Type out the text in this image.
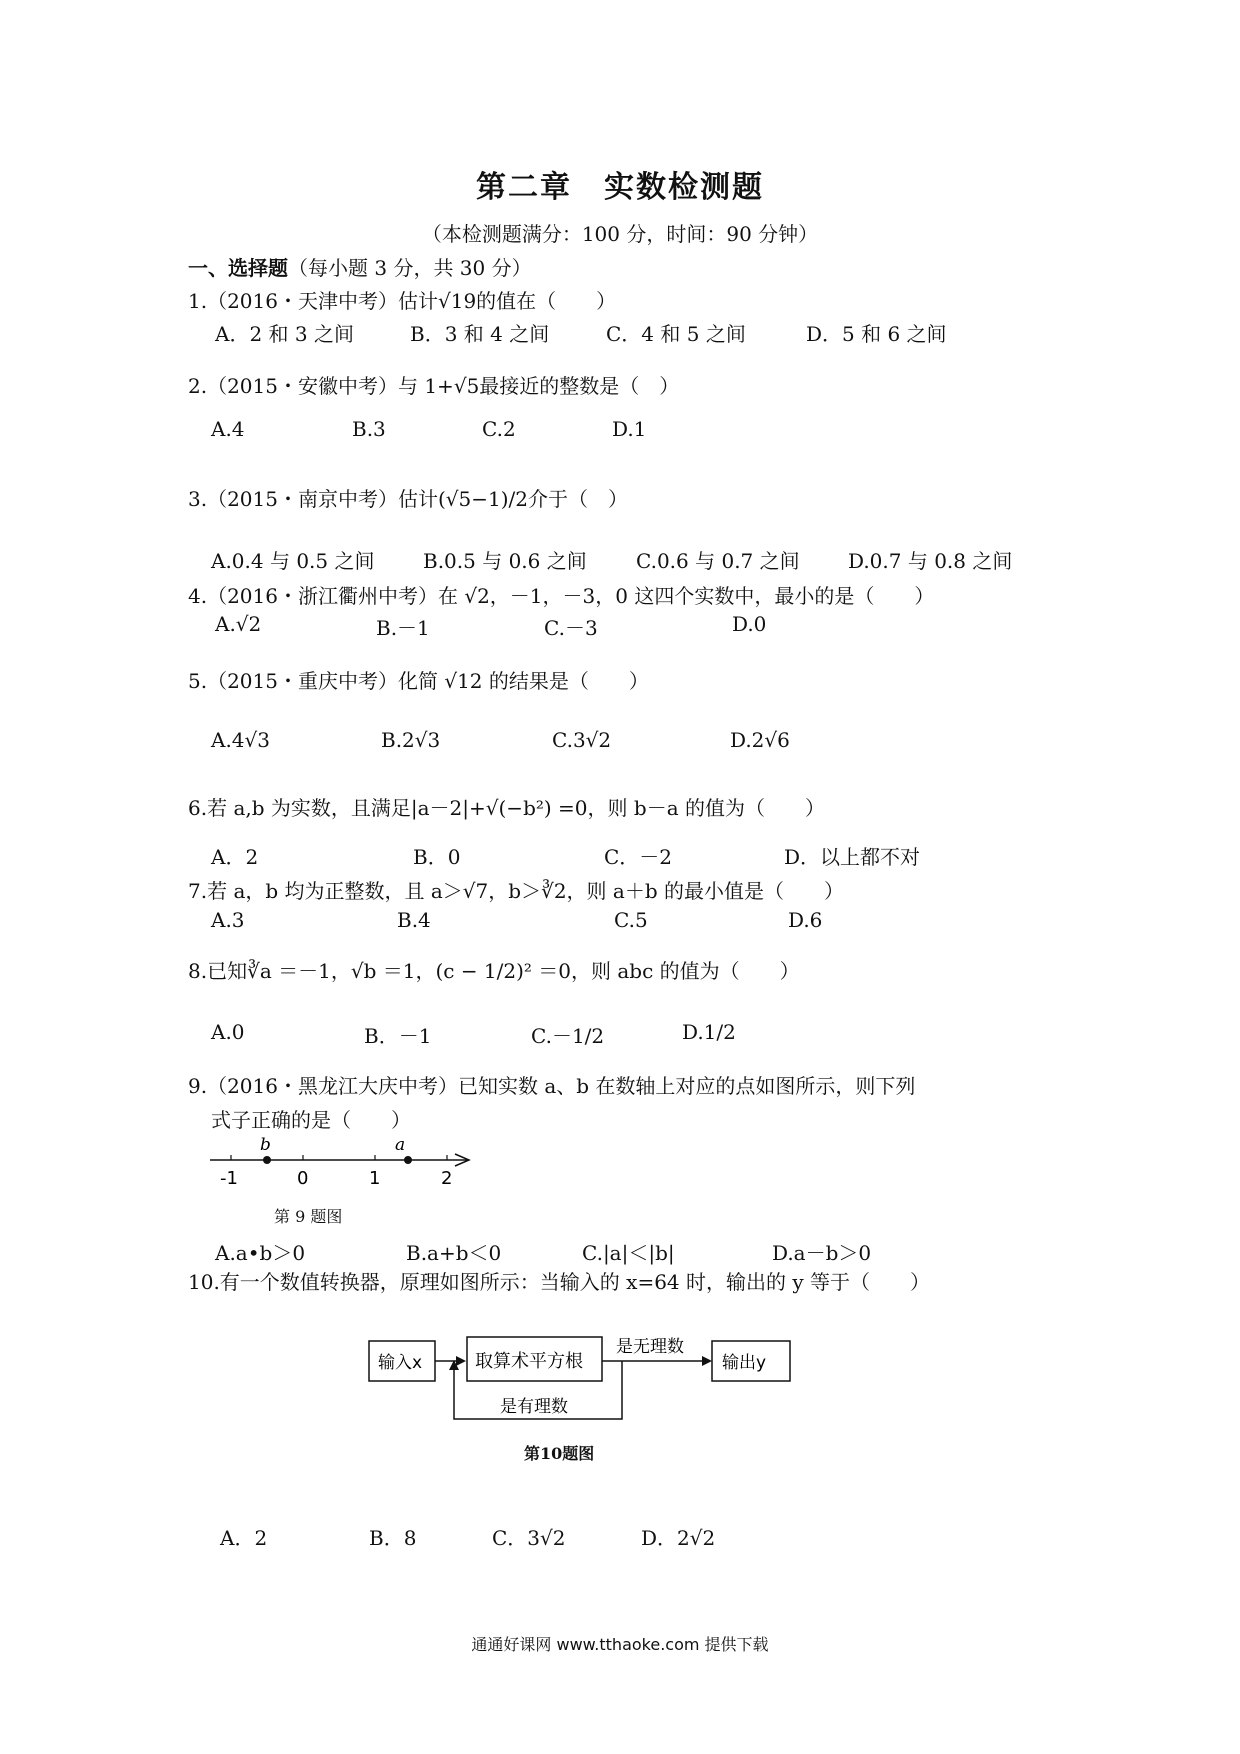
第二章　实数检测题
（本检测题满分：100 分，时间：90 分钟）
一、选择题（每小题 3 分，共 30 分）
1.（2016・天津中考）估计√19的值在（　　）
A．2 和 3 之间	B．3 和 4 之间	C．4 和 5 之间	D．5 和 6 之间
2.（2015・安徽中考）与 1+√5最接近的整数是（　）
A.4	B.3	C.2	D.1
3.（2015・南京中考）估计(√5−1)/2介于（　）
A.0.4 与 0.5 之间 B.0.5 与 0.6 之间 C.0.6 与 0.7 之间 D.0.7 与 0.8 之间
4.（2016・浙江衢州中考）在 √2，－1，－3，0 这四个实数中，最小的是（　　）
A.√2	B.－1	C.－3	D.0
5.（2015・重庆中考）化简 √12 的结果是（　　）
A.4√3	B.2√3	C.3√2	D.2√6
6.若 a,b 为实数，且满足|a－2|+√(−b²) =0，则 b－a 的值为（　　）
A．2	B．0	C．－2	D．以上都不对
7.若 a，b 均为正整数，且 a＞√7，b＞∛2，则 a＋b 的最小值是（　　）
A.3	B.4	C.5	D.6
8.已知∛a ＝－1，√b ＝1，(c − 1/2)² ＝0，则 abc 的值为（　　）
A.0	B．－1	C.－1/2	D.1/2
9.（2016・黑龙江大庆中考）已知实数 a、b 在数轴上对应的点如图所示，则下列
式子正确的是（　　）
b	a
-1	0	1	2
第 9 题图
A.a•b＞0	B.a+b＜0	C.|a|＜|b|	D.a－b＞0
10.有一个数值转换器，原理如图所示：当输入的 x=64 时，输出的 y 等于（　　）
输入x	取算术平方根
是无理数
输出y
是有理数
第10题图
A．2	B．8	C．3√2	D．2√2
通通好课网 www.tthaoke.com 提供下载
